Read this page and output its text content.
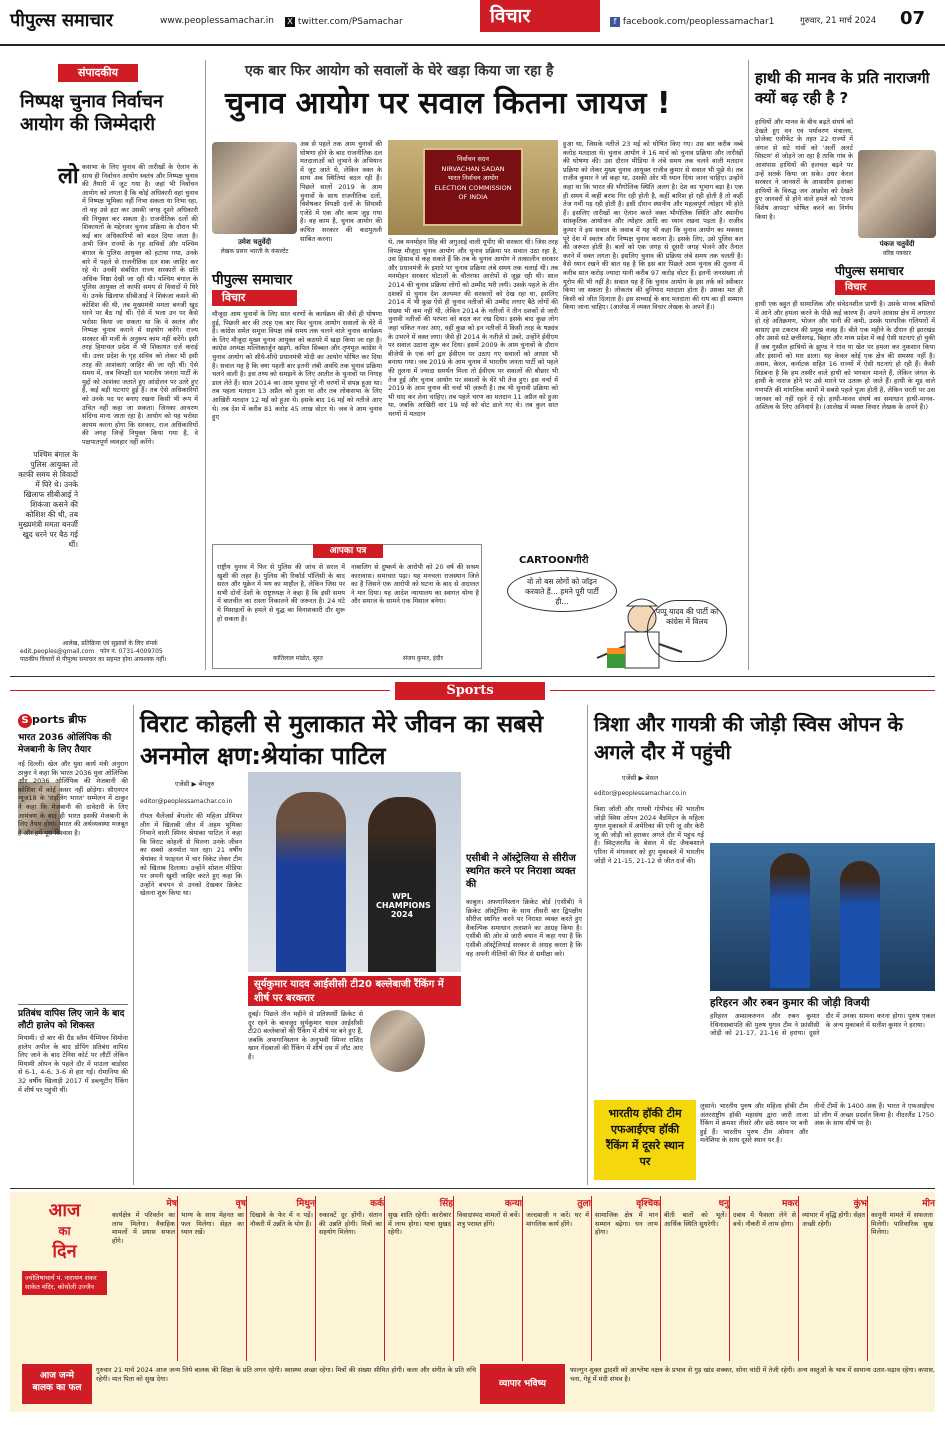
पीपुल्स समाचार	www.peoplessamachar.in X twitter.com/PSamachar	विचार	f facebook.com/peoplessamachar1	गुरुवार, 21 मार्च 2024 07
संपादकीय
निष्पक्ष चुनाव निर्वाचन आयोग की जिम्मेदारी
लो कसभा के लिए चुनाव की तारीखों के ऐलान के साथ ही निर्वाचन आयोग स्वतंत्र और निष्पक्ष चुनाव की तैयारी में जुट गया है। जहां भी निर्वाचन आयोग को लगता है कि कोई अधिकारी वहां चुनाव में निष्पक्ष भूमिका नहीं निभा सकता या निभा रहा, तो वह उसे हटा कर उसकी जगह दूसरे अधिकारी की नियुक्त कर सकता है। राजनीतिक दलों की शिकायतों के मद्देनजर चुनाव प्रक्रिया के दौरान भी कई बार अधिकारियों को बदल दिया जाता है। अभी जिन राज्यों के गृह सचिवों और पश्चिम बंगाल के पुलिस आयुक्त को हटाया गया, उनके बारे में पहले से राजनीतिक दल शक जाहिर कर रहे थे। उनकी संबंधित राज्य सरकारों के प्रति अधिक निष्ठा देखी जा रही थी। पश्चिम बंगाल के पुलिस आयुक्त तो काफी समय से विवादों में घिरे थे। उनके खिलाफ सीबीआई ने शिकंजा कसने की कोशिश की थी, तब मुख्यमंत्री ममता बनर्जी खुद धरने पर बैठ गई थीं। ऐसे में भला उन पर कैसे भरोसा किया जा सकता था कि वे स्वतंत्र और निष्पक्ष चुनाव कराने में सहयोग करेंगे। राज्य सरकार की मर्जी के अनुरूप काम नहीं करेंगे। इसी तरह हिमाचल प्रदेश में भी शिकायत दर्ज कराई थी। उत्तर प्रदेश के गृह सचिव को लेकर भी इसी तरह की आशंकाएं जाहिर की जा रही थीं। ऐसे समय में, जब विपक्षी दल भारतीय जनता पार्टी के मुद्दों को आशंका जताते हुए आंदोलन पर उतरे हुए हैं, कई बड़ी घटनाएं हुई हैं। तब ऐसे अधिकारियों को उनके पद पर बनाए रखना किसी भी रूप में उचित नहीं कहा जा सकता। जिनका आचरण संदिग्ध माना जाता रहा है। आयोग को यह भरोसा कायम करना होगा कि सरकार, राज अधिकारियों की जगह जिन्हें नियुक्त किया गया है, वे पक्षपातपूर्ण व्यवहार नहीं करेंगे।
पश्चिम बंगाल के पुलिस आयुक्त तो काफी समय से विवादों में घिरे थे। उनके खिलाफ सीबीआई ने शिकंजा कसने की कोशिश की थी, तब मुख्यमंत्री ममता बनर्जी खुद धरने पर बैठ गई थीं।
आलेख, प्रतिक्रिया एवं सुझावों के लिए संपर्क
edit.peoples@gmail.com फोन नं. 0731-4009705
पाठकीय विचारों से पीपुल्स समाचार का सहमत होना आवश्यक नहीं।
एक बार फिर आयोग को सवालों के घेरे खड़ा किया जा रहा है
चुनाव आयोग पर सवाल कितना जायज !
उमेश चतुर्वेदी
लेखक प्रसार भारती के कंसल्टेंट
पीपुल्स समाचार
विचार
अब से पहले तक आम चुनावों की घोषणा होने के बाद राजनीतिक दल मतदाताओं को लुभाने के अभियान में जुट जाते थे, लेकिन वक्त के साथ अब स्थितियां बदल रही हैं। पिछले सालों 2019 के आम चुनावों के साथ राजनीतिक दलों, विशेषकर विपक्षी दलों के सियासी एजेंडे में एक और काम जुड़ गया है। वह काम है, चुनाव आयोग की कथित सरकार की कठपुतली साबित करना।
मौजूदा आम चुनावों के लिए सात चरणों के कार्यक्रम की जैसे ही घोषणा हुई, पिछली बार की तरह एक बार फिर चुनाव आयोग सवालों के घेरे में है। कांग्रेस समेत समूचा विपक्ष लंबे समय तक चलने वाले चुनाव कार्यक्रम के लिए मौजूदा मुख्य चुनाव आयुक्त को कठघरे में खड़ा किया जा रहा है। कांग्रेस अध्यक्ष मल्लिकार्जुन खड़गे, कपिल सिब्बल और तृणमूल कांग्रेस ने चुनाव आयोग को सीधे-सीधे प्रधानमंत्री मोदी का आयोग घोषित कर दिया है। सवाल यह है कि क्या पहली बार इतनी लंबी अवधि तक चुनाव प्रक्रिया चलने वाली है। इस तथ्य को समझने के लिए आतीत के चुनावों पर निगाह डाल लेते हैं। साल 2014 का आम चुनाव पूरे नौ चरणों में संपन्न हुआ था। तब पहला मतदान 13 अप्रैल को हुआ था और तब लोकसभा के लिए आखिरी मतदान 12 मई को हुआ थे। इसके बाद 16 मई को नतीजे आए थे। तब देश में करीब 81 करोड़ 45 लाख वोटर थे। जब वे आम चुनाव हुए
निर्वाचन सदन
NIRVACHAN SADAN
भारत निर्वाचन आयोग
ELECTION COMMISSION
OF INDIA
थे, तब मनमोहन सिंह की अगुआई वाली यूपीए की सरकार थी। जिस तरह विपक्ष मौजूदा चुनाव आयोग और चुनाव प्रक्रिया पर सवाल उठा रहा है, उस हिसाब से कह सकते हैं कि तब के चुनाव आयोग ने तत्कालीन सरकार और प्रधानमंत्री के इशारे पर चुनाव प्रक्रिया लंबे समय तक चलाई थी। तब मनमोहन सरकार घोटालों के चौतरफा आरोपों से जूझ रही थी। साल 2014 की चुनाव प्रक्रिया लोगों को उम्मीद भरी लगी। उसके पहले के तीन दशकों से चुनाव देश अल्पमत की सरकारों को देख रहा था, इसलिए 2014 में भी कुछ ऐसे ही चुनाव नतीजों की उम्मीद लगाए बैठे लोगों की संख्या भी कम नहीं थी, लेकिन 2014 के नतीजों ने तीन दशकों से जारी चुनावी नतीजों की परंपरा को बदल कर रख दिया। इसके बाद कुछ लोग जहां चकित नजर आए, वहीं कुछ को इन नतीजों में किसी तरह के षड्यंत्र के उभरने में वक्त लगा। जैसे ही 2014 के नतीजे से उबरे, उन्होंने ईवीएम पर सवाल उठाना शुरू कर दिया। इसमें 2009 के आम चुनावों के दौरान बीजेपी के एक वर्ग द्वार ईवीएम पर उठाए गए सवालों को आधार भी बनाया गया। जब 2019 के आम चुनाव में भारतीय जनता पार्टी को पहले की तुलना में ज्यादा समर्थन मिला तो ईवीएम पर सवालों की बौछार भी तेज हुई और चुनाव आयोग पर सवालों के घेरे भी तेज हुए। इस चर्चा में 2019 के आम चुनाव की चर्चा भी ज़रूरी है। तब भी चुनावी प्रक्रिया को भी याद कर लेना चाहिए। तब पहले चरण का मतदान 11 अप्रैल को हुआ था, जबकि आखिरी वार 19 मई को वोट डाले गए थे। तब कुल सात चरणों में मतदान
हुआ था, जिसके नतीजे 23 मई को घोषित किए गए। उस बार करीब नब्बे करोड़ मतदाता थे। चुनाव आयोग ने 16 मार्च को चुनाव प्रक्रिया और तारीखों की घोषणा की। उस दौरान मीडिया ने लंबे समय तक चलने वाली मतदान प्रक्रिया को लेकर मुख्य चुनाव आयुक्त राजीव कुमार से सवाल भी पूछे थे। तब राजीव कुमार ने जो कहा था, उसकी ओर भी ध्यान दिया जाना चाहिए। उन्होंने कहा था कि भारत की भौगोलिक स्थिति अलग है। देश का भूभाग बड़ा है। एक ही समय में कहीं बरफ गिर रही होती है, कहीं बारिश हो रही होती है तो कहीं तेज गर्मी पड़ रही होती है। इसी दौरान स्थानीय और महत्वपूर्ण त्योहार भी होते हैं। इसलिए तारीखों का ऐलान करते वक्त भौगोलिक स्थिति और स्थानीय सांस्कृतिक आयोजन और त्योहार आदि का ध्यान रखना पड़ता है। राजीव कुमार ने इस सवाल के जवाब में यह भी कहा कि चुनाव आयोग का मकसद पूरे देश में स्वतंत्र और निष्पक्ष चुनाव कराना है। इसके लिए, उसे पुलिस बल की जरूरत होती है। बलों को एक जगह से दूसरी जगह भेजने और तैनात करने में वक्त लगता है। इसलिए चुनाव की प्रक्रिया लंबे समय तक चलती है। वैसे ध्यान रखने की बात यह है कि इस बार पिछले आम चुनाव की तुलना में करीब सात करोड़ ज्यादा यानी करीब 97 करोड़ वोटर हैं। इतनी जनसंख्या तो यूरोप की भी नहीं है। सवाल यह है कि चुनाव आयोग के इस तर्क को स्वीकार किया जा सकता है। लोकतंत्र की बुनियाद मतदाता होता है। उसका मत ही किसी को जीत दिलाता है। इस सच्चाई के बाद मतदाता की राय का ही सम्मान किया जाना चाहिए। (आलेख में व्यक्त विचार लेखक के अपने हैं।)
हाथी की मानव के प्रति नाराजगी क्यों बढ़ रही है ?
हाथियों और मानव के बीच बढ़ते संघर्ष को देखते हुए वन एवं पर्यावरण मंत्रालय, प्रोजेक्ट एलीफेंट के तहत 22 राज्यों में जंगल से सटे गांवों को 'अर्ली अलर्ट सिस्टम' से जोड़ने जा रहा है ताकि गांव के आसपास हाथियों की हलचल बढ़ने पर उन्हें सतर्क किया जा सके। उधर केरल सरकार ने जानवरों के आवासीय इलाका हाथियों के विरुद्ध जन आक्रोश को देखते हुए जानवरों से होने वाले हमले को 'राज्य विशेष आपदा' घोषित करने का निर्णय किया है।
पंकज चतुर्वेदी
वरिष्ठ पत्रकार
पीपुल्स समाचार
विचार
हाथी एक बहुत ही सामाजिक और संवेदनशील प्राणी है। उसके मानव बस्तियों में आने और हमला करने के पीछे कई कारण हैं। अपने आवास क्षेत्र में लगातार हो रहे अतिक्रमण, भोजन और पानी की कमी, उसके पारंपरिक गलियारों में बाधाएं इस टकराव की प्रमुख वजह हैं। बीते एक महीने के दौरान ही झारखंड और उससे सटे छत्तीसगढ़, बिहार और मध्य प्रदेश में कई ऐसी घटनाएं हो चुकी हैं जब गुस्सैल हाथियों के झुण्ड ने गांव या खेत पर हमला कर नुकसान किया और इंसानों को मार डाला। यह केवल कोई एक क्षेत्र की समस्या नहीं है। असम, केरल, कर्नाटक सहित 16 राज्यों में ऐसी घटनाएं हो रही हैं। कैसी विडंबना है कि हम तस्वीर वाले हाथी को भगवान मानते हैं, लेकिन जंगल के हाथी के नाराज होने पर उसे मारने पर उतारू हो जाते हैं। हाथी के मूड वाले गणपति की मांगलिक कामों में सबसे पहले पूजा होती है, लेकिन धरती पर उस जानवर को नहीं रहने दे रहे। हाथी-मानव संघर्ष का समाधान हाथी-मानव-अस्तित्व के लिए अनिवार्य है। (आलेख में व्यक्त विचार लेखक के अपने हैं।)
आपका पत्र
राष्ट्रीय चुनाव में फिर से पुलिस की जांच से सरल में खुशी की लहर है। पुलिस की रिकॉर्ड पॉलिसी के बाद सरल और यूक्रेन में भय का माहौल है, लेकिन जिस पर सभी दोनों देशों के राष्ट्राध्यक्ष ने कहा है कि इसी समय में बातचीत का रास्ता निकालने की जरूरत है। 24 घंटे में मिसाइलों के हमले से युद्ध का विनाशकारी दौर शुरू हो सकता है।
कांतिलाल मांडोत, सूरत
नाबालिग से दुष्कर्म के आरोपी को 20 वर्ष की सश्रम कारावास। समाचार पढ़ा। यह मनचला राजस्थान जिले का है जिसने एक आरोपी को घटना के बाद से अदालत ने मार दिया। यह आदेश न्यायालय का स्वागत योग्य है और समाज के सामने एक मिसाल बनेगा।
संजय कुमार, इंदौर
CARTOONगीरी
वो तो बस लोगों को जॉइन करवाते हैं... हमने पूरी पार्टी ही...
पप्पू यादव की पार्टी का कांग्रेस में विलय
Sports
S ports ब्रीफ
भारत 2036 ओलिंपिक की मेजबानी के लिए तैयार
नई दिल्ली। खेल और युवा कार्य मंत्री अनुराग ठाकुर ने कहा कि भारत 2036 युवा ओलिंपिक और 2036 ओलिंपिक की मेजबानी की कोशिश में कोई कसर नहीं छोड़ेगा। सीएनएन न्यूज18 के 'राइजिंग भारत' सम्मेलन में ठाकुर ने कहा कि मेजबानी की दावेदारी के लिए आमंत्रण के बाद ही भारत इसकी मेजबानी के लिए तैयार होगा। भारत की अर्थव्यवस्था मजबूत है और हमें पूरा विश्वास है।
प्रतिबंध वापिस लिए जाने के बाद लौटी हालेप को शिकस्त
मियामी। दो बार की ग्रैंड स्लैम चैम्पियन सिमोना हालेप अपील के बाद डोपिंग प्रतिबंध वापिस लिए जाने के बाद टेनिस कोर्ट पर लौटीं लेकिन मियामी ओपन के पहले दौर में पाउला बाडोसा से 6-1, 4-6, 3-6 से हार गई। रोमानिया की 32 वर्षीय खिलाड़ी 2017 में डब्ल्यूटीए रैंकिंग में शीर्ष पर पहुंची थीं।
विराट कोहली से मुलाकात मेरे जीवन का सबसे अनमोल क्षण:श्रेयांका पाटिल
एजेंसी ▶ बेंगलुरु
editor@peoplessamachar.co.in
रॉयल चैलेंजर्स बेंगलोर की महिला प्रीमियर लीग में खिताबी जीत में अहम भूमिका निभाने वाली स्पिनर श्रेयांका पाटिल ने कहा कि विराट कोहली से मिलना उनके जीवन का सबसे अनमोल पल रहा। 21 वर्षीय श्रेयांका ने फाइनल में चार विकेट लेकर टीम को खिताब दिलाया। उन्होंने सोशल मीडिया पर अपनी खुशी जाहिर करते हुए कहा कि उन्होंने बचपन से उनको देखकर क्रिकेट खेलना शुरू किया था।	WPL CHAMPIONS 2024
सूर्यकुमार यादव आईसीसी टी20 बल्लेबाजी रैंकिंग में शीर्ष पर बरकरार
दुबई। पिछले तीन महीने से प्रतिस्पर्धी क्रिकेट से दूर रहने के बावजूद सूर्यकुमार यादव आईसीसी टी20 बल्लेबाजों की रैंकिंग में शीर्ष पर बने हुए हैं, जबकि अफगानिस्तान के अनुभवी स्पिनर राशिद खान गेंदबाजों की रैंकिंग में शीर्ष दस में लौट आए हैं।
एसीबी ने ऑस्ट्रेलिया से सीरीज स्थगित करने पर निराशा व्यक्त की
काबुल। अफगानिस्तान क्रिकेट बोर्ड (एसीबी) ने क्रिकेट ऑस्ट्रेलिया के साथ तीसरी बार द्विपक्षीय सीरीज स्थगित करने पर निराशा व्यक्त करते हुए वैकल्पिक समाधान तलाशने का आग्रह किया है। एसीबी की ओर से जारी बयान में कहा गया है कि एसीबी ऑस्ट्रेलियाई सरकार से आग्रह करता है कि वह अपनी नीतियों की फिर से समीक्षा करे।
त्रिशा और गायत्री की जोड़ी स्विस ओपन के अगले दौर में पहुंची
एजेंसी ▶ बेसल
editor@peoplessamachar.co.in
त्रिशा जॉली और गायत्री गोपीचंद की भारतीय जोड़ी स्विस ओपन 2024 बैडमिंटन के महिला युगल मुकाबले में अमेरिका की एनी जू और केरी जू की जोड़ी को हराकर अगले दौर में पहुंच गई है। स्विट्जरलैंड के बेसल में सेंट जैकबशाले एरिना में मंगलवार को हुए मुकाबले में भारतीय जोड़ी ने 21-15, 21-12 से जीत दर्ज की।
हरिहरन और रुबन कुमार की जोड़ी विजयी
हरिहरन अम्साकरुनन और रुबन कुमार रेथिनासबापति की पुरुष युगल टीम ने फ्रांसीसी जोड़ी को 21-17, 21-16 से हराया। दूसरे दौर में उनका सामना करना होगा। पुरुष एकल के अन्य मुकाबले में सतीश कुमार ने हराया।
भारतीय हॉकी टीम एफआईएच हॉकी रैंकिंग में दूसरे स्थान पर
लुसाने। भारतीय पुरुष और महिला हॉकी टीम अंतरराष्ट्रीय हॉकी महासंघ द्वारा जारी ताजा रैंकिंग में क्रमशः तीसरे और छठे स्थान पर बनी हुई हैं। भारतीय पुरुष टीम ओमान और मलेशिया के साथ दूसरे स्थान पर है।
तीनों टीमों के 1400 अंक हैं। भारत ने एफआईएच प्रो लीग में अच्छा प्रदर्शन किया है। नीदरलैंड 1750 अंक के साथ शीर्ष पर है।
आज
का
दिन
ज्योतिषाचार्य पं. नारायण शंकर साकेत मंदिर, कोचोली उज्जैन
मेष
कार्यक्षेत्र में परिवर्तन का लाभ मिलेगा। वैवाहिक मामलों में प्रयास सफल होंगे।
वृष
भाग्य के साथ मेहनत का फल मिलेगा। सेहत का ध्यान रखें।
मिथुन
दिखावे के फेर में न पड़ें। नौकरी में उन्नति के योग हैं।
कर्क
रुकावटें दूर होंगी। संतान की उन्नति होगी। मित्रों का सहयोग मिलेगा।
सिंह
सुख शांति रहेगी। कारोबार में लाभ होगा। यात्रा सुखद रहेगी।
कन्या
विवादास्पद मामलों से बचें। शत्रु परास्त होंगे।
तुला
जल्दबाजी न करें। घर में मांगलिक कार्य होंगे।
वृश्चिक
सामाजिक क्षेत्र में मान सम्मान बढ़ेगा। धन लाभ होगा।
धनु
बीती बातों को भूलें। आर्थिक स्थिति सुधरेगी।
मकर
दबाव में फैसला लेने से बचें। नौकरी में लाभ होगा।
कुंभ
व्यापार में वृद्धि होगी। सेहत अच्छी रहेगी।
मीन
कानूनी मामले में सफलता मिलेगी। पारिवारिक सुख मिलेगा।
आज जन्मे
बालक का फल
गुरुवार 21 मार्च 2024 आज जन्म लिये बालक की शिक्षा के प्रति लगन रहेगी। स्वास्थ्य अच्छा रहेगा। मित्रों की संख्या सीमित होगी। कला और संगीत के प्रति रुचि रहेगी। मात पिता को सुख देगा।
व्यापार भविष्य
फाल्गुन शुक्ल द्वादशी को आश्लेषा नक्षत्र के प्रभाव से गुड़ खांड शक्कर, सोना चांदी में तेजी रहेगी। अन्य वस्तुओं के भाव में सामान्य उतार-चढ़ाव रहेगा। कपास, चना, गेहूं में मंदी संभव है।
